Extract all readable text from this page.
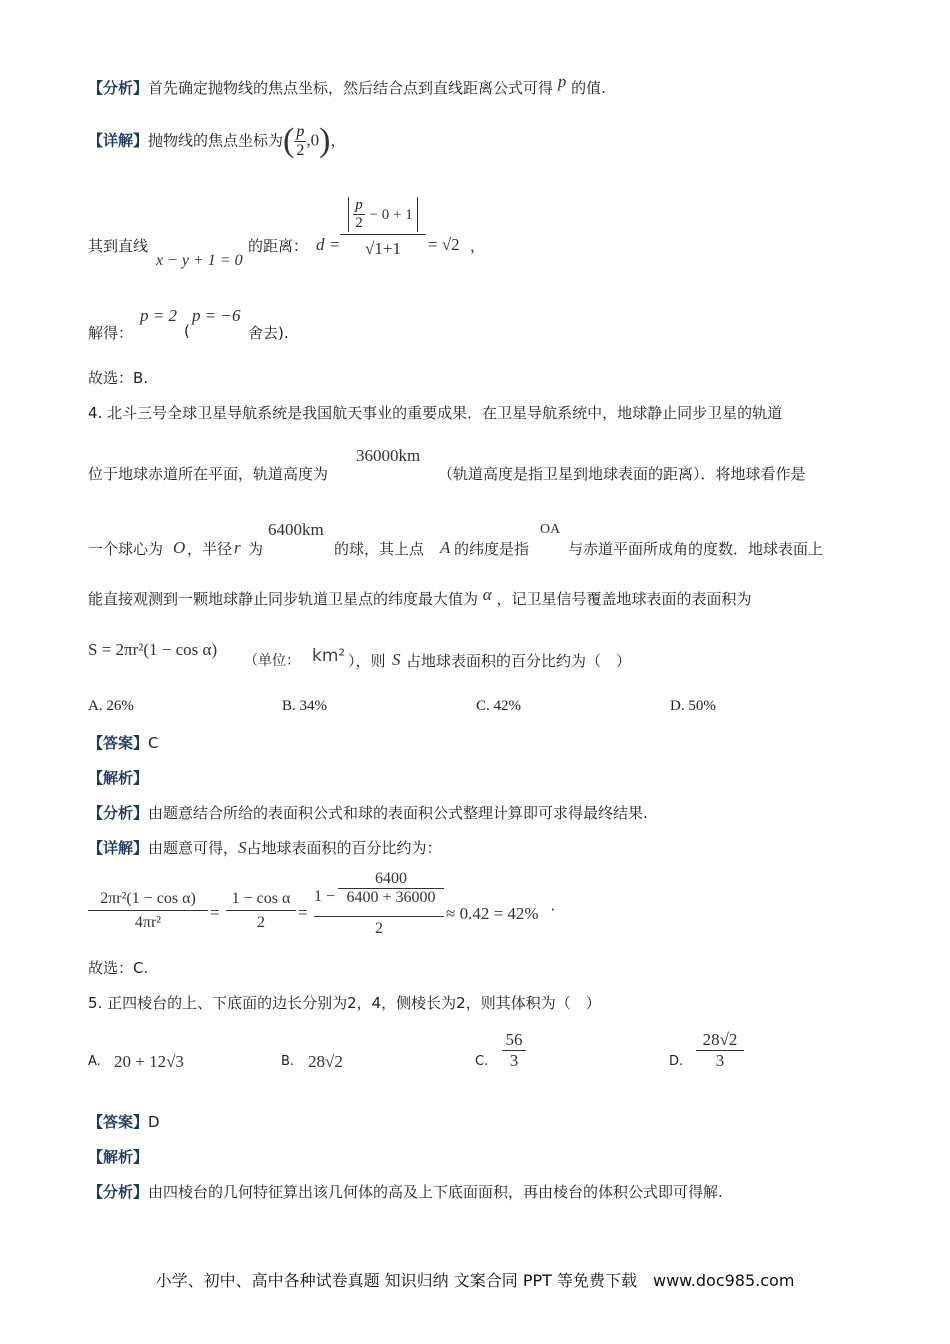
【分析】首先确定抛物线的焦点坐标，然后结合点到直线距离公式可得 p 的值.
【详解】抛物线的焦点坐标为( $\frac{p}{2} ,0$)，
其到直线
x − y + 1 = 0
的距离： d =
$\frac{p}{2} - 0 + 1$
√1+1	= √2 ，
解得：
p = 2
(
p = −6
舍去).
故选：B.
4. 北斗三号全球卫星导航系统是我国航天事业的重要成果．在卫星导航系统中，地球静止同步卫星的轨道
位于地球赤道所在平面，轨道高度为
36000km
（轨道高度是指卫星到地球表面的距离）．将地球看作是
一个球心为 O ，半径 r 为
6400km
的球，其上点 A 的纬度是指
OA
与赤道平面所成角的度数．地球表面上
能直接观测到一颗地球静止同步轨道卫星点的纬度最大值为 α ，记卫星信号覆盖地球表面的表面积为
S = 2πr²(1 − cos α)
（单位： km² ），则 S 占地球表面积的百分比约为（　）
A. 26%	B. 34%	C. 42%	D. 50%
【答案】C
【解析】
【分析】由题意结合所给的表面积公式和球的表面积公式整理计算即可求得最终结果.
【详解】由题意可得，S占地球表面积的百分比约为：
2πr²(1 − cos α)
4πr²
=
1 − cos α
2
=
1 −
6400
6400 + 36000
2
≈ 0.42 = 42% ·
故选：C.
5. 正四棱台的上、下底面的边长分别为2，4，侧棱长为2，则其体积为（　）
A. 20 + 12√3	B. 28√2	C.
56
3	D.
28√2
3
【答案】D
【解析】
【分析】由四棱台的几何特征算出该几何体的高及上下底面面积，再由棱台的体积公式即可得解.
小学、初中、高中各种试卷真题 知识归纳 文案合同 PPT 等免费下载　www.doc985.com
